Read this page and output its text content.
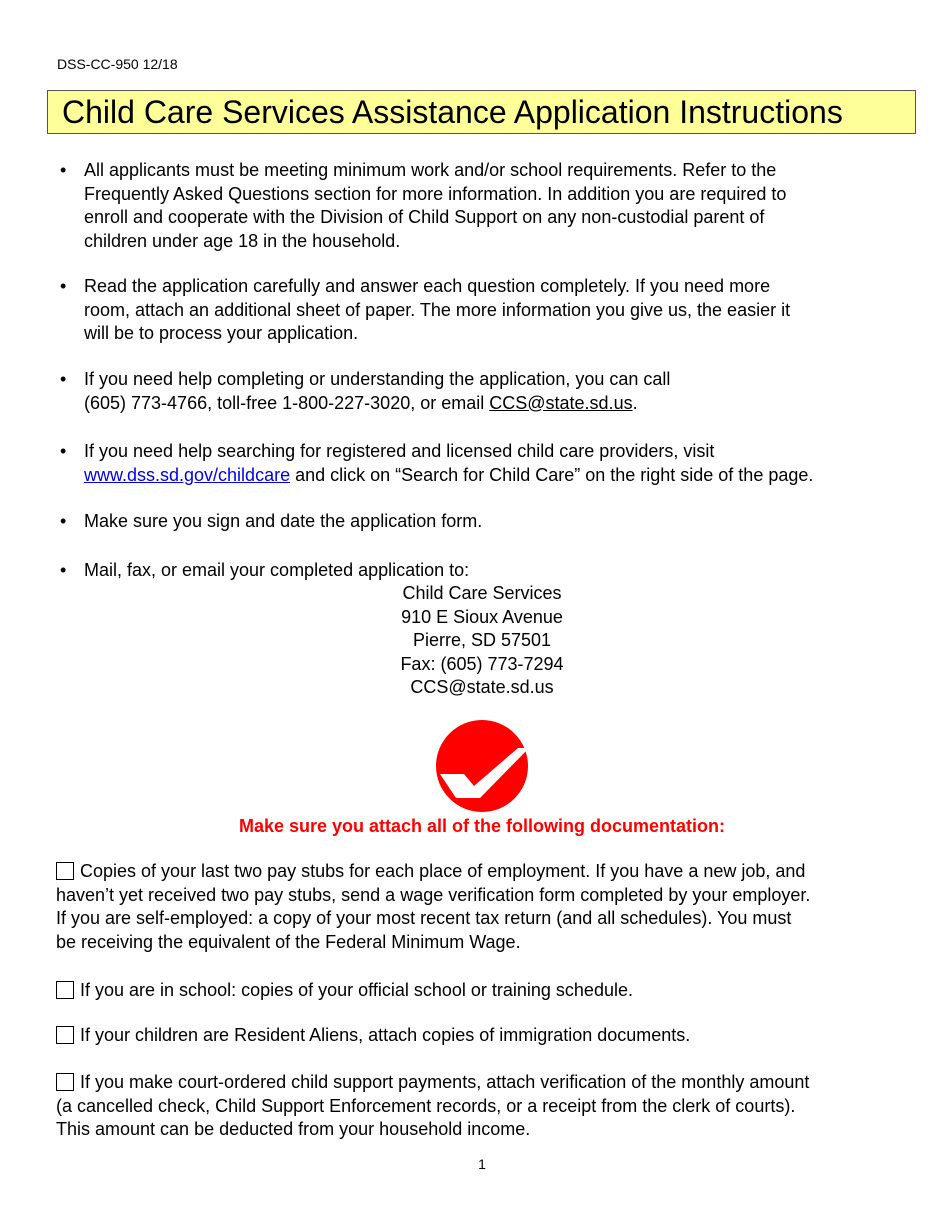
DSS-CC-950 12/18
Child Care Services Assistance Application Instructions
• All applicants must be meeting minimum work and/or school requirements. Refer to the
Frequently Asked Questions section for more information. In addition you are required to
enroll and cooperate with the Division of Child Support on any non-custodial parent of
children under age 18 in the household.
• Read the application carefully and answer each question completely. If you need more
room, attach an additional sheet of paper. The more information you give us, the easier it
will be to process your application.
• If you need help completing or understanding the application, you can call
(605) 773-4766, toll-free 1-800-227-3020, or email CCS@state.sd.us.
• If you need help searching for registered and licensed child care providers, visit
www.dss.sd.gov/childcare and click on “Search for Child Care” on the right side of the page.
• Make sure you sign and date the application form.
• Mail, fax, or email your completed application to:
Child Care Services
910 E Sioux Avenue
Pierre, SD 57501
Fax: (605) 773-7294
CCS@state.sd.us
Make sure you attach all of the following documentation:
Copies of your last two pay stubs for each place of employment. If you have a new job, and
haven’t yet received two pay stubs, send a wage verification form completed by your employer.
If you are self-employed: a copy of your most recent tax return (and all schedules). You must
be receiving the equivalent of the Federal Minimum Wage.
If you are in school: copies of your official school or training schedule.
If your children are Resident Aliens, attach copies of immigration documents.
If you make court-ordered child support payments, attach verification of the monthly amount
(a cancelled check, Child Support Enforcement records, or a receipt from the clerk of courts).
This amount can be deducted from your household income.
1
